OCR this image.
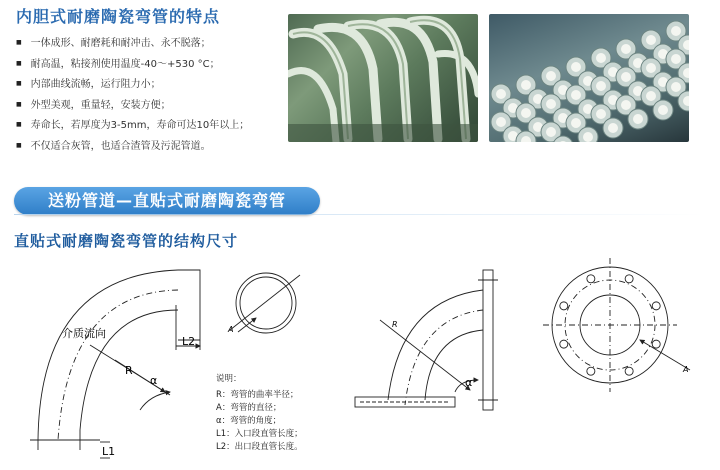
内胆式耐磨陶瓷弯管的特点
■ 一体成形、耐磨耗和耐冲击、永不脱落；
■ 耐高温，粘接剂使用温度-40～+530 °C；
■ 内部曲线流畅，运行阻力小；
■ 外型美观，重量轻，安装方便；
■ 寿命长，若厚度为3-5mm，寿命可达10年以上；
■ 不仅适合灰管，也适合渣管及污泥管道。
送粉管道—直贴式耐磨陶瓷弯管
直贴式耐磨陶瓷弯管的结构尺寸
介质流向
L2
L1
R
α
A
R
α
A
说明：
R：弯管的曲率半径；
A：弯管的直径；
α：弯管的角度；
L1：入口段直管长度；
L2：出口段直管长度。
